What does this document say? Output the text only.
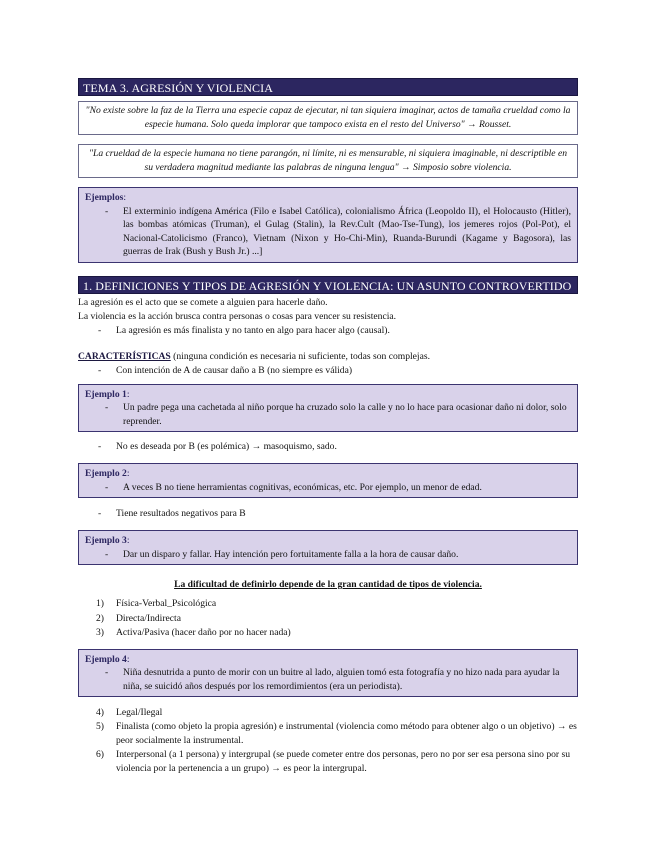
TEMA 3. AGRESIÓN Y VIOLENCIA
"No existe sobre la faz de la Tierra una especie capaz de ejecutar, ni tan siquiera imaginar, actos de tamaña crueldad como la especie humana. Solo queda implorar que tampoco exista en el resto del Universo" → Rousset.
"La crueldad de la especie humana no tiene parangón, ni límite, ni es mensurable, ni siquiera imaginable, ni descriptible en su verdadera magnitud mediante las palabras de ninguna lengua" → Simposio sobre violencia.
Ejemplos:
- El exterminio indígena América (Filo e Isabel Católica), colonialismo África (Leopoldo II), el Holocausto (Hitler), las bombas atómicas (Truman), el Gulag (Stalin), la Rev.Cult (Mao-Tse-Tung), los jemeres rojos (Pol-Pot), el Nacional-Catolicismo (Franco), Vietnam (Nixon y Ho-Chi-Min), Ruanda-Burundi (Kagame y Bagosora), las guerras de Irak (Bush y Bush Jr.) ...]
1. DEFINICIONES Y TIPOS DE AGRESIÓN Y VIOLENCIA: UN ASUNTO CONTROVERTIDO
La agresión es el acto que se comete a alguien para hacerle daño.
La violencia es la acción brusca contra personas o cosas para vencer su resistencia.
- La agresión es más finalista y no tanto en algo para hacer algo (causal).
CARACTERÍSTICAS (ninguna condición es necesaria ni suficiente, todas son complejas.
- Con intención de A de causar daño a B (no siempre es válida)
Ejemplo 1:
- Un padre pega una cachetada al niño porque ha cruzado solo la calle y no lo hace para ocasionar daño ni dolor, solo reprender.
- No es deseada por B (es polémica) → masoquismo, sado.
Ejemplo 2:
- A veces B no tiene herramientas cognitivas, económicas, etc. Por ejemplo, un menor de edad.
- Tiene resultados negativos para B
Ejemplo 3:
- Dar un disparo y fallar. Hay intención pero fortuitamente falla a la hora de causar daño.
La dificultad de definirlo depende de la gran cantidad de tipos de violencia.
1) Física-Verbal_Psicológica
2) Directa/Indirecta
3) Activa/Pasiva (hacer daño por no hacer nada)
Ejemplo 4:
- Niña desnutrida a punto de morir con un buitre al lado, alguien tomó esta fotografía y no hizo nada para ayudar la niña, se suicidó años después por los remordimientos (era un periodista).
4) Legal/Ilegal
5) Finalista (como objeto la propia agresión) e instrumental (violencia como método para obtener algo o un objetivo) → es peor socialmente la instrumental.
6) Interpersonal (a 1 persona) y intergrupal (se puede cometer entre dos personas, pero no por ser esa persona sino por su violencia por la pertenencia a un grupo) → es peor la intergrupal.
